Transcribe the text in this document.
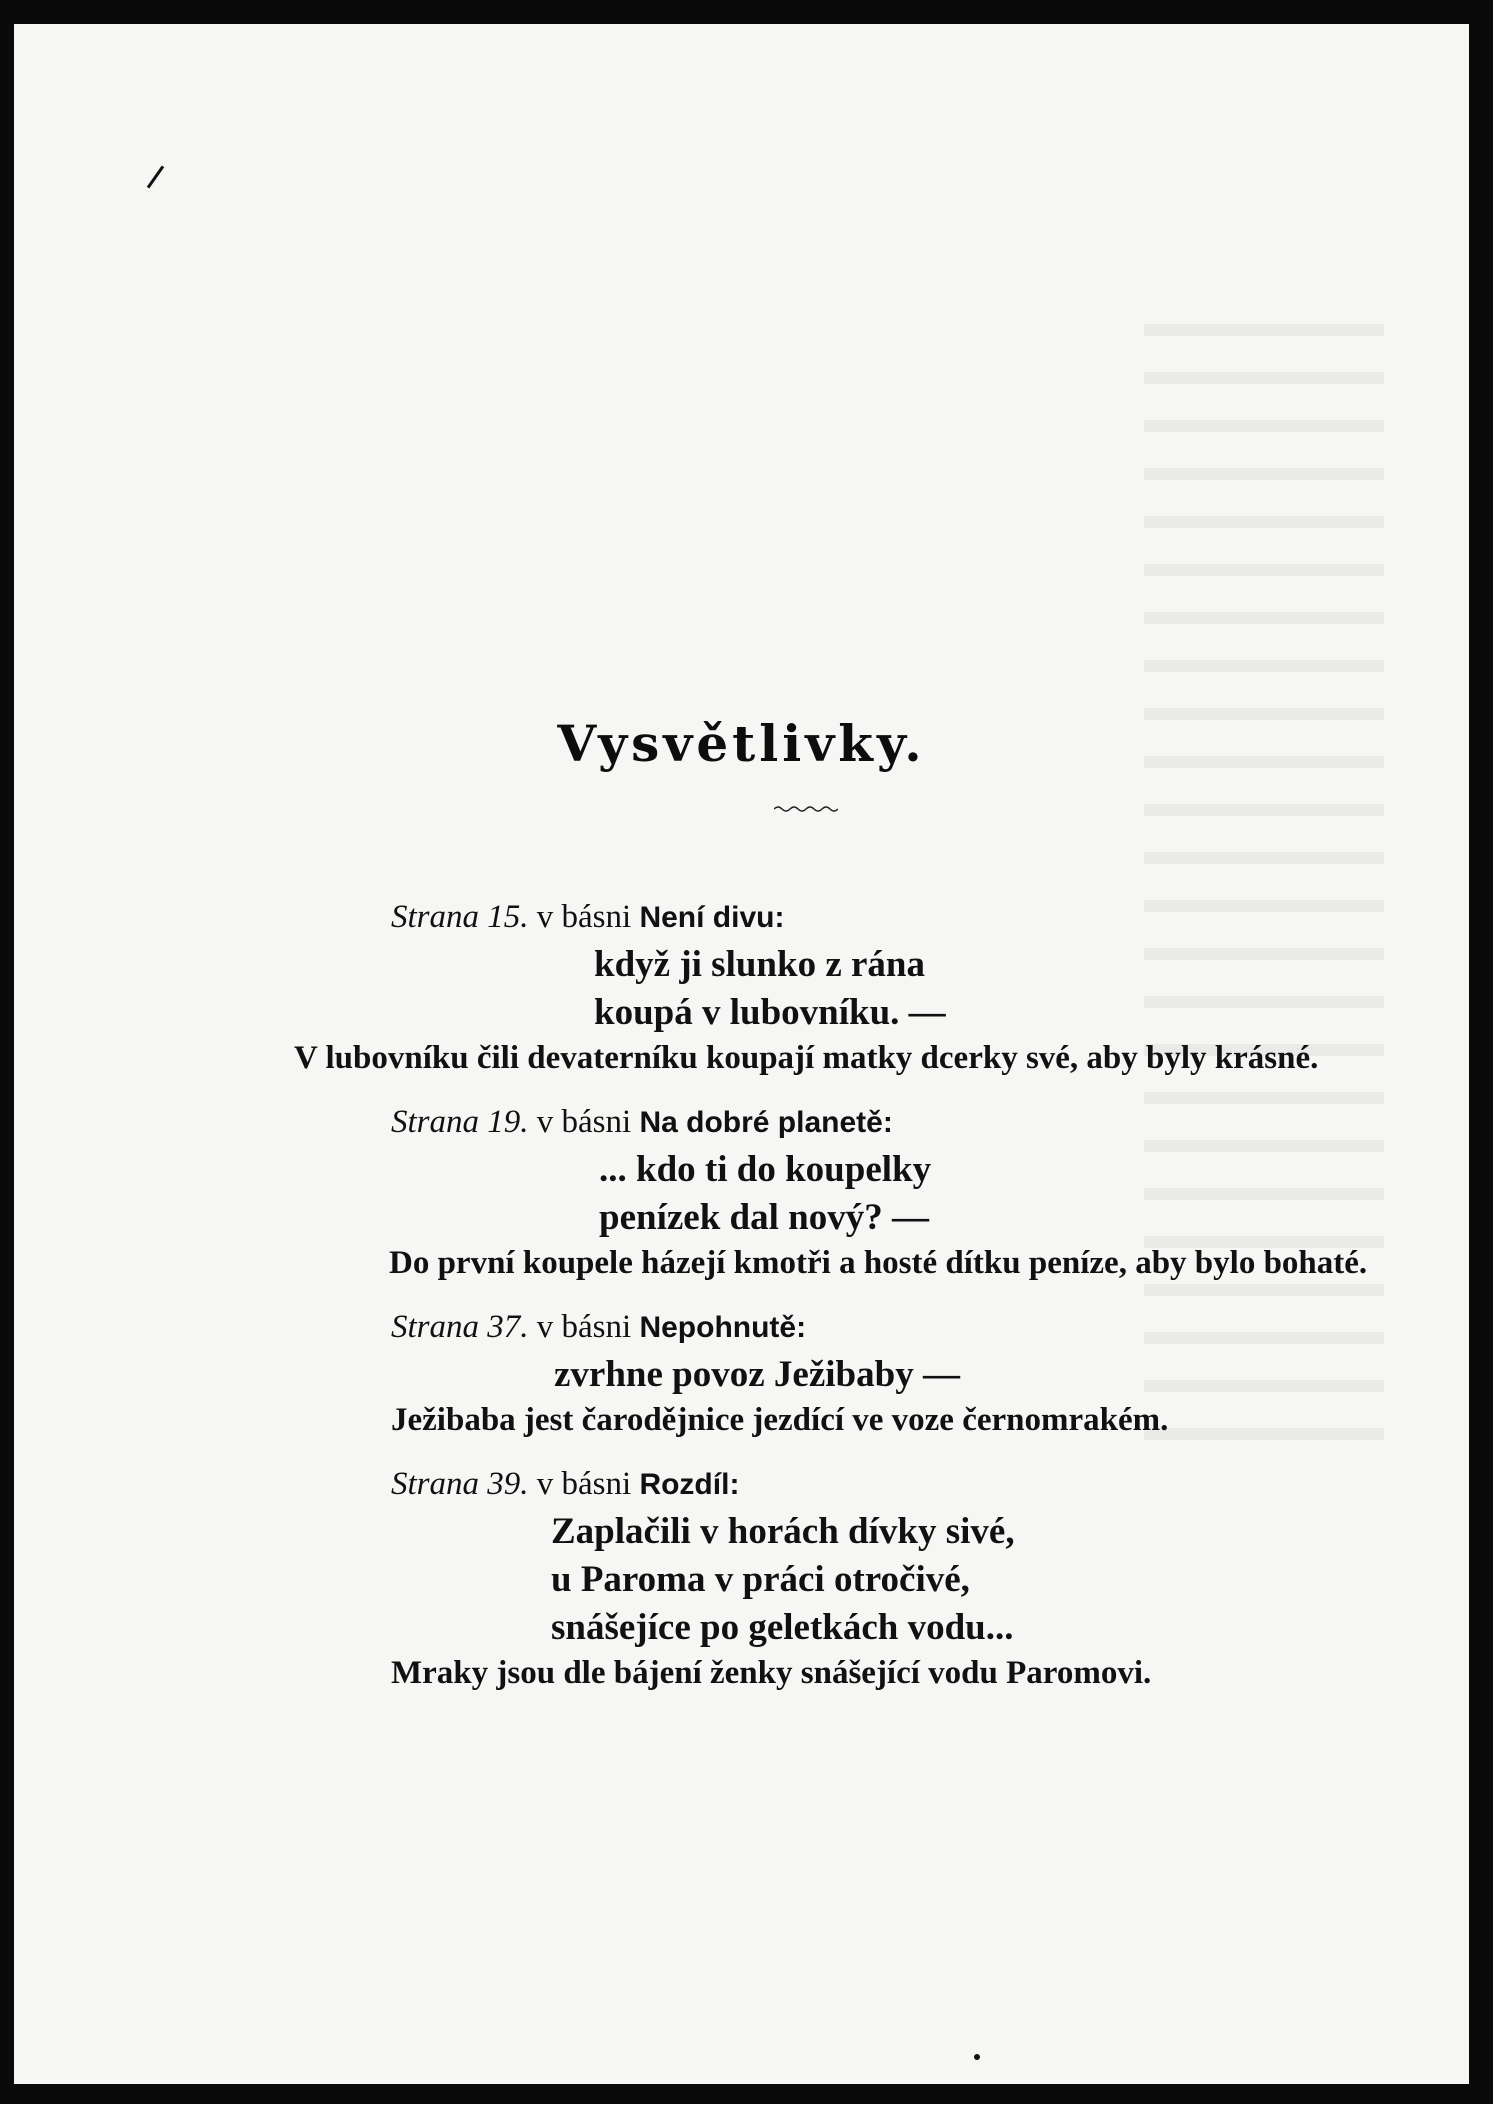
Vysvětlivky.
Strana 15. v básni Není divu:
když ji slunko z rána
koupá v lubovníku. —
V lubovníku čili devaterníku koupají matky dcerky své, aby byly krásné.
Strana 19. v básni Na dobré planetě:
... kdo ti do koupelky
penízek dal nový? —
Do první koupele házejí kmotři a hosté dítku peníze, aby bylo bohaté.
Strana 37. v básni Nepohnutě:
zvrhne povoz Ježibaby —
Ježibaba jest čarodějnice jezdící ve voze černomrakém.
Strana 39. v básni Rozdíl:
Zaplačili v horách dívky sivé,
u Paroma v práci otročivé,
snášejíce po geletkách vodu...
Mraky jsou dle bájení ženky snášející vodu Paromovi.
